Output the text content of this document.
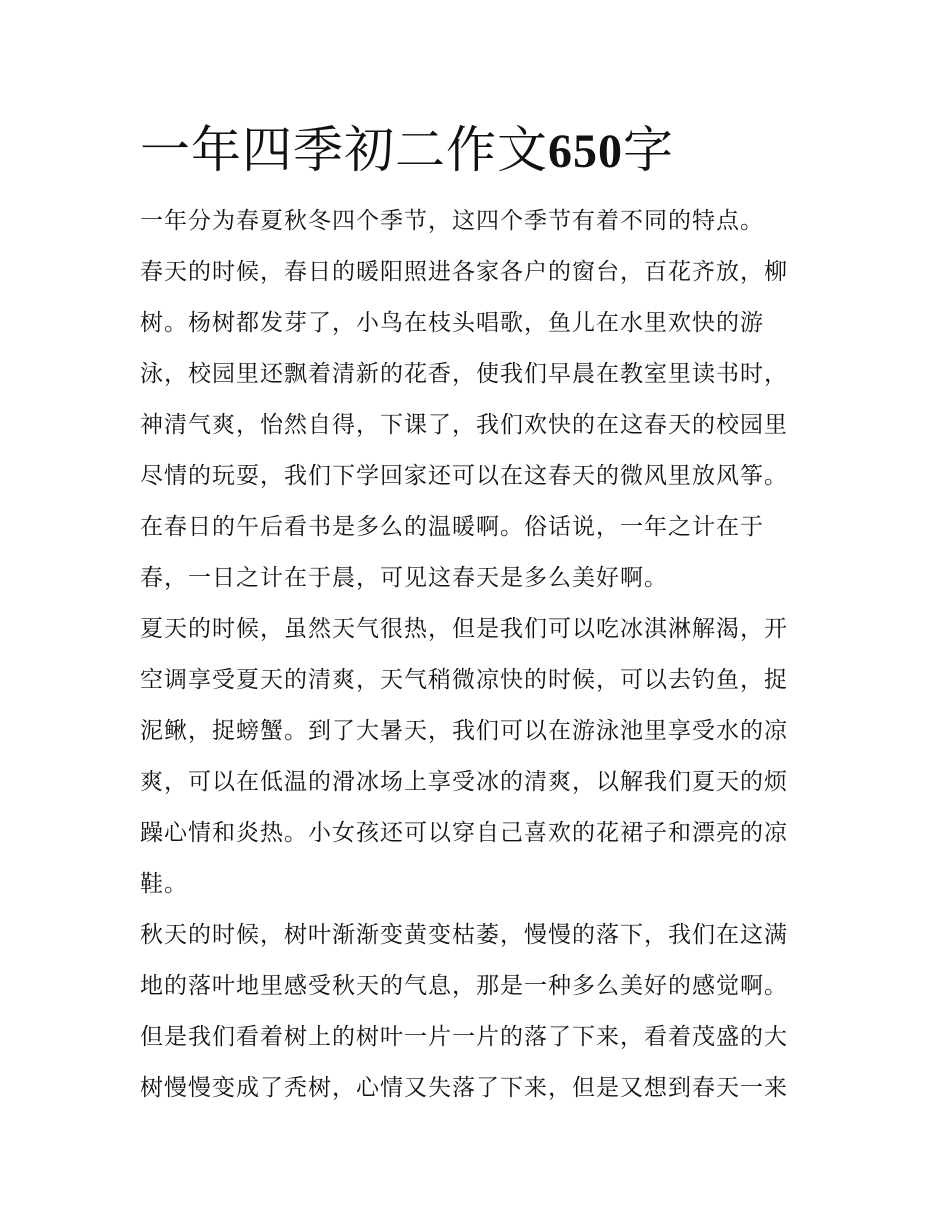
一年四季初二作文650字

一年分为春夏秋冬四个季节，这四个季节有着不同的特点。

春天的时候，春日的暖阳照进各家各户的窗台，百花齐放，柳
树。杨树都发芽了，小鸟在枝头唱歌，鱼儿在水里欢快的游
泳，校园里还飘着清新的花香，使我们早晨在教室里读书时，
神清气爽，怡然自得，下课了，我们欢快的在这春天的校园里
尽情的玩耍，我们下学回家还可以在这春天的微风里放风筝。
在春日的午后看书是多么的温暖啊。俗话说，一年之计在于
春，一日之计在于晨，可见这春天是多么美好啊。

夏天的时候，虽然天气很热，但是我们可以吃冰淇淋解渴，开
空调享受夏天的清爽，天气稍微凉快的时候，可以去钓鱼，捉
泥鳅，捉螃蟹。到了大暑天，我们可以在游泳池里享受水的凉
爽，可以在低温的滑冰场上享受冰的清爽，以解我们夏天的烦
躁心情和炎热。小女孩还可以穿自己喜欢的花裙子和漂亮的凉
鞋。

秋天的时候，树叶渐渐变黄变枯萎，慢慢的落下，我们在这满
地的落叶地里感受秋天的气息，那是一种多么美好的感觉啊。
但是我们看着树上的树叶一片一片的落了下来，看着茂盛的大
树慢慢变成了秃树，心情又失落了下来，但是又想到春天一来
